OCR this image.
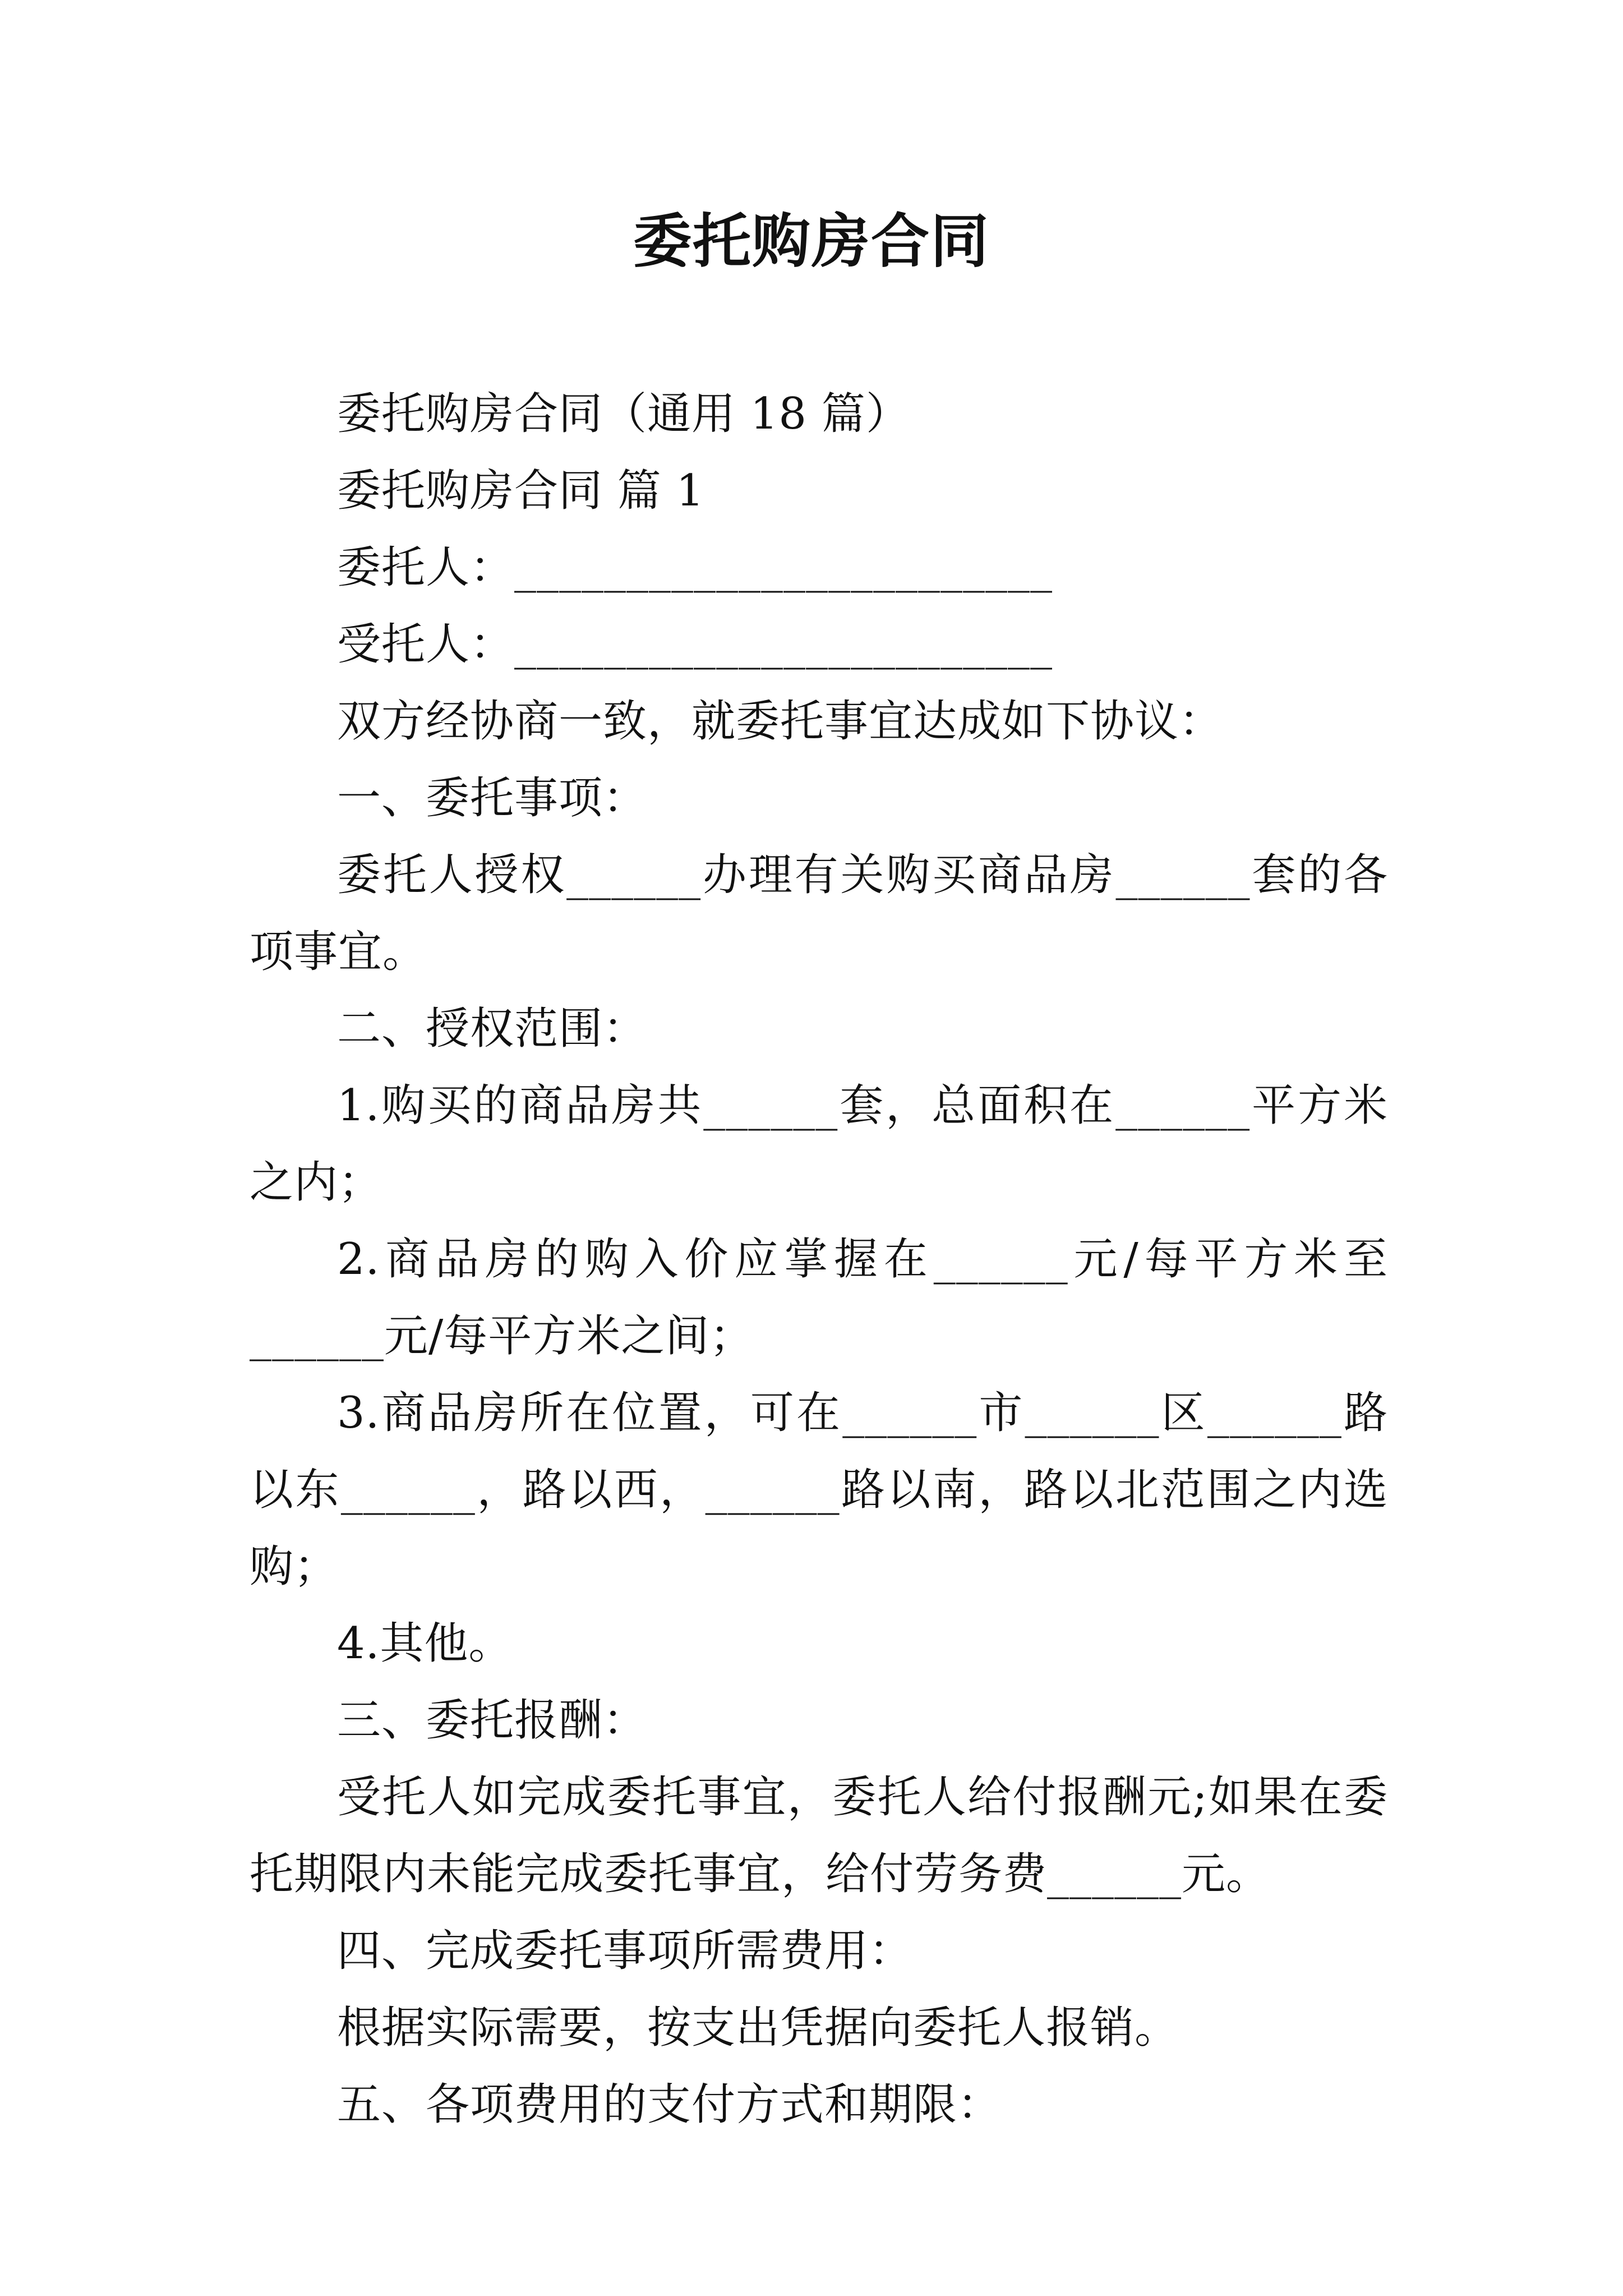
委托购房合同

委托购房合同（通用 18 篇）

委托购房合同 篇 1

委托人：________________________

受托人：________________________

双方经协商一致，就委托事宜达成如下协议：

一、委托事项：

委托人授权______办理有关购买商品房______套的各项事宜。

二、授权范围：

1.购买的商品房共______套，总面积在______平方米之内；

2.商品房的购入价应掌握在______元/每平方米至______元/每平方米之间；

3.商品房所在位置，可在______市______区______路以东______，路以西，______路以南，路以北范围之内选购；

4.其他。

三、委托报酬：

受托人如完成委托事宜，委托人给付报酬元;如果在委托期限内未能完成委托事宜，给付劳务费______元。

四、完成委托事项所需费用：

根据实际需要，按支出凭据向委托人报销。

五、各项费用的支付方式和期限：
